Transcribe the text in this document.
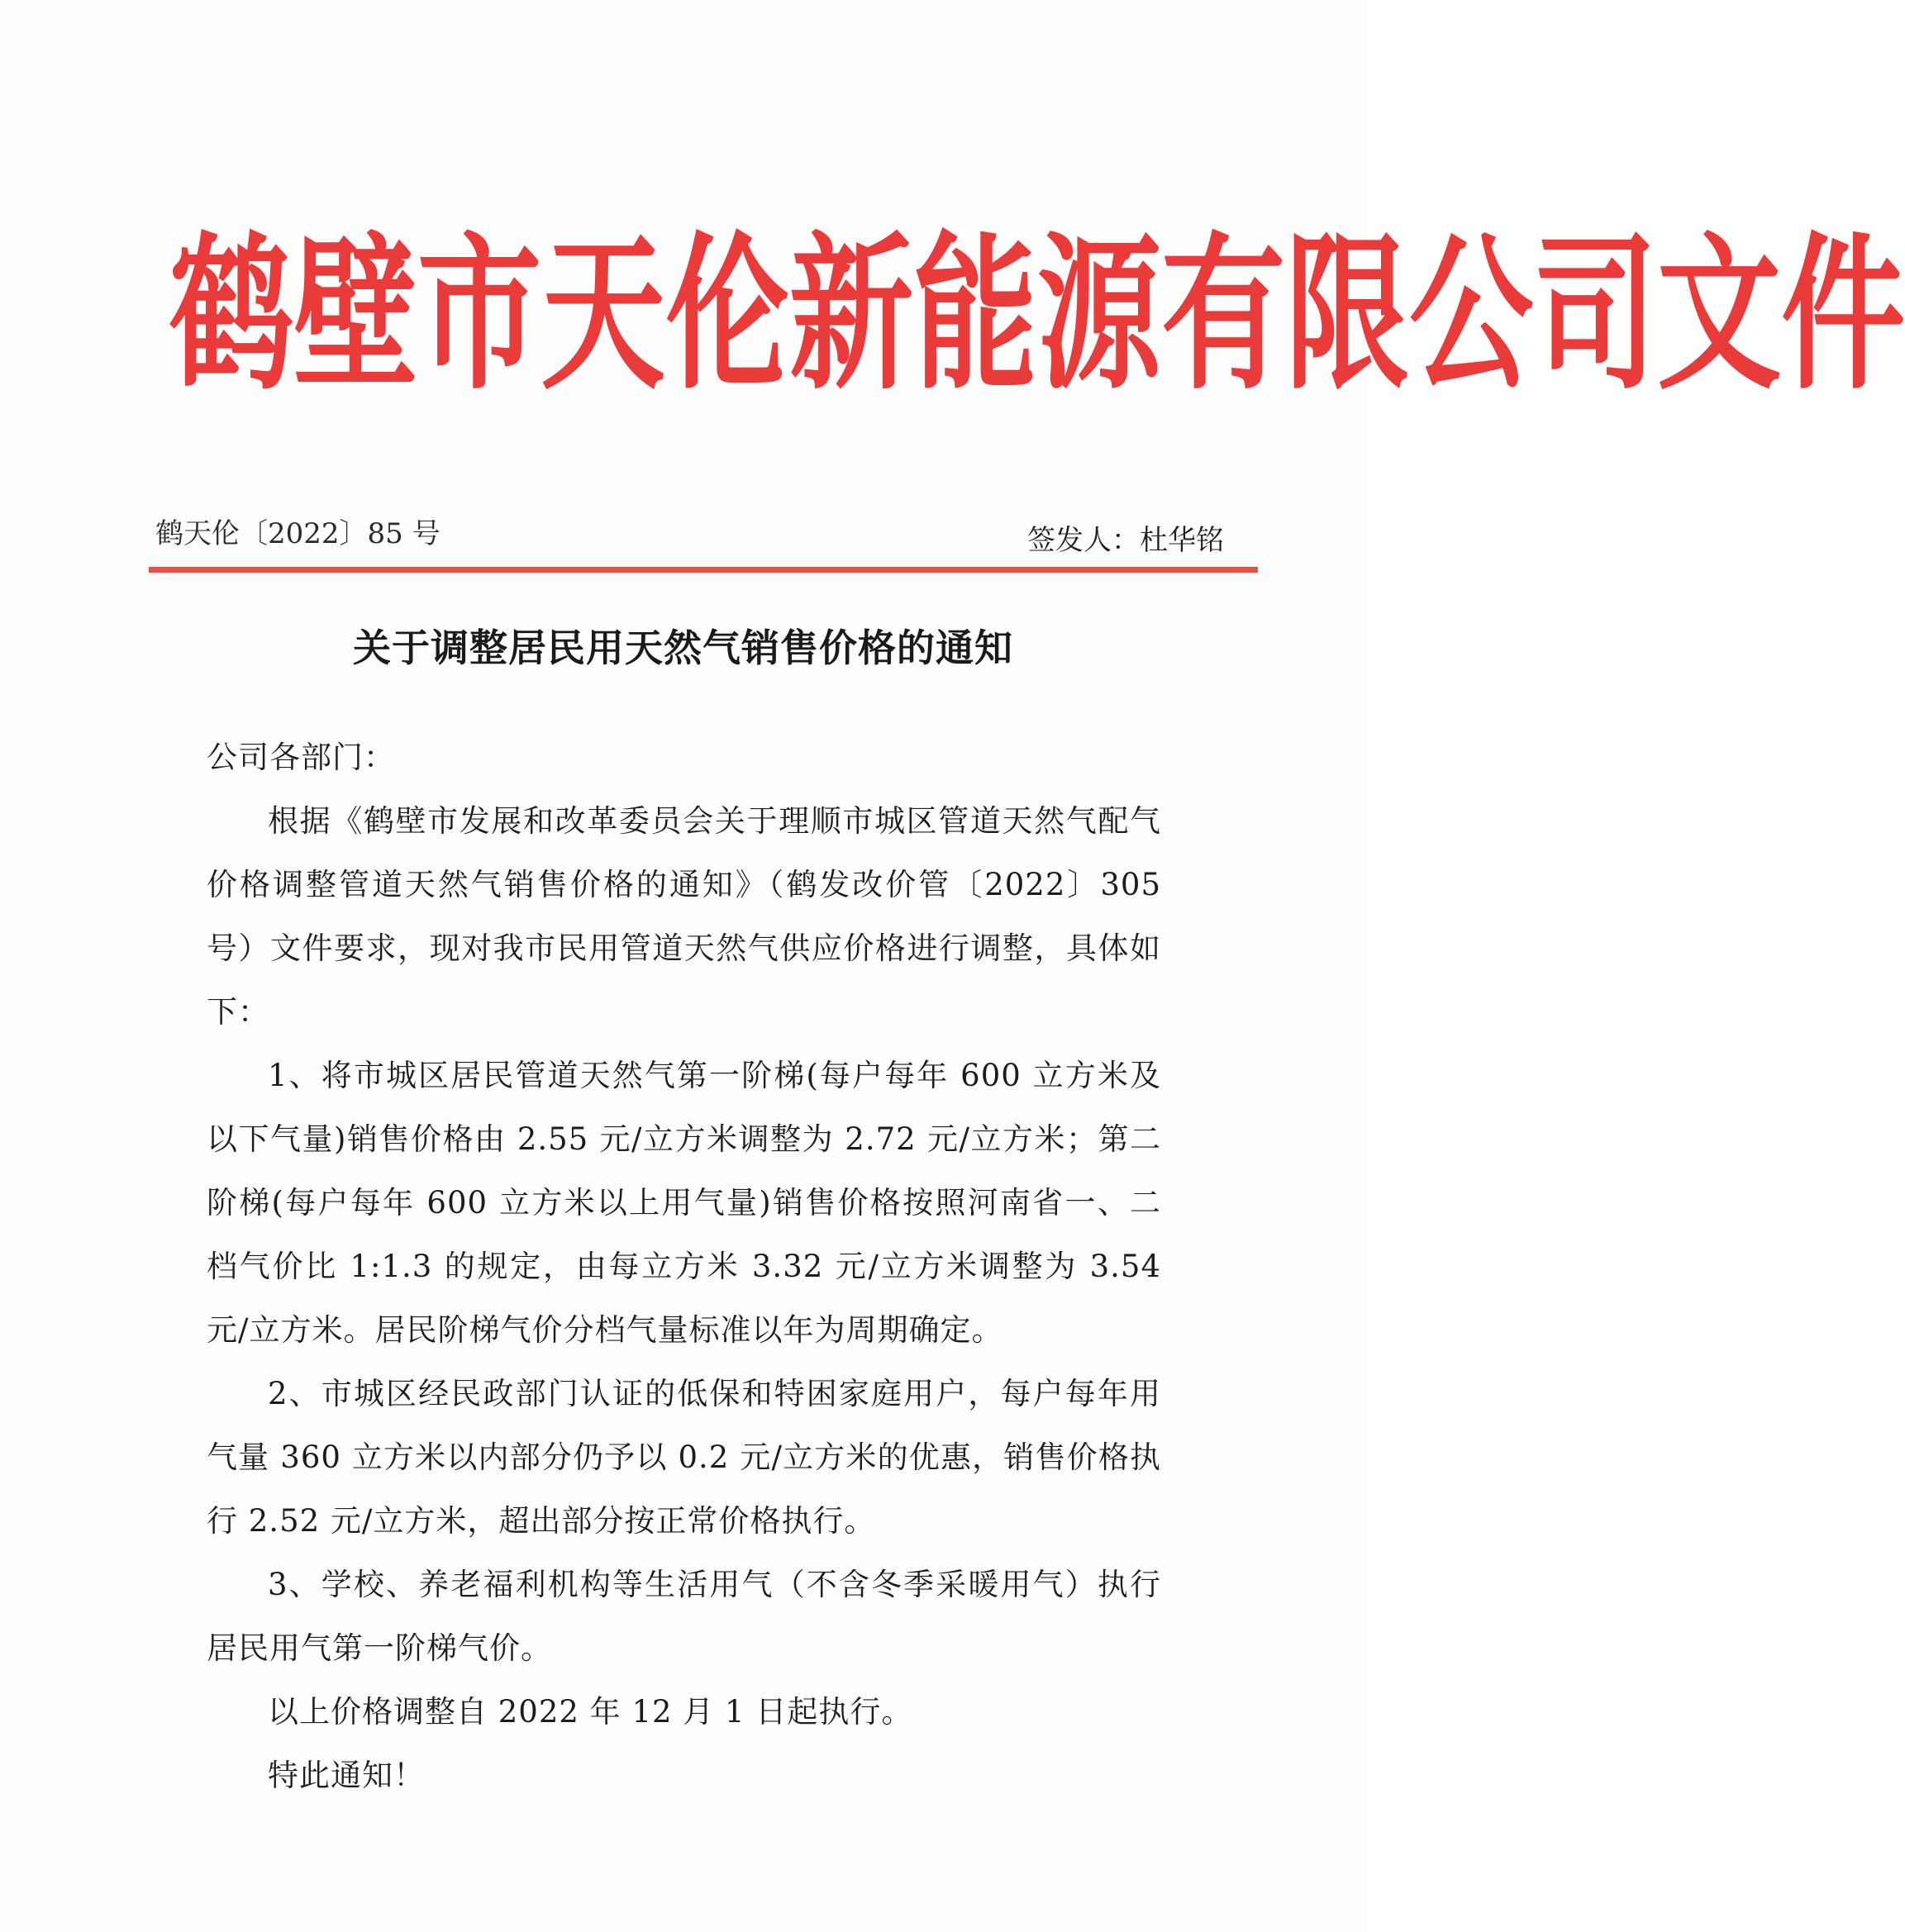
鹤 壁 市 天 伦 新 能 源 有 限 公 司 文 件
鹤天伦〔2022〕85 号	签发人：杜华铭
关于调整居民用天然气销售价格的通知

公司各部门：

根据《鹤壁市发展和改革委员会关于理顺市城区管道天然气配气价格调整管道天然气销售价格的通知》（鹤发改价管〔2022〕305 号）文件要求，现对我市民用管道天然气供应价格进行调整，具体如下：

1、将市城区居民管道天然气第一阶梯(每户每年 600 立方米及以下气量)销售价格由 2.55 元/立方米调整为 2.72 元/立方米；第二阶梯(每户每年 600 立方米以上用气量)销售价格按照河南省一、二档气价比 1:1.3 的规定，由每立方米 3.32 元/立方米调整为 3.54 元/立方米。居民阶梯气价分档气量标准以年为周期确定。

2、市城区经民政部门认证的低保和特困家庭用户，每户每年用气量 360 立方米以内部分仍予以 0.2 元/立方米的优惠，销售价格执行 2.52 元/立方米，超出部分按正常价格执行。

3、学校、养老福利机构等生活用气（不含冬季采暖用气）执行居民用气第一阶梯气价。

以上价格调整自 2022 年 12 月 1 日起执行。

特此通知！
